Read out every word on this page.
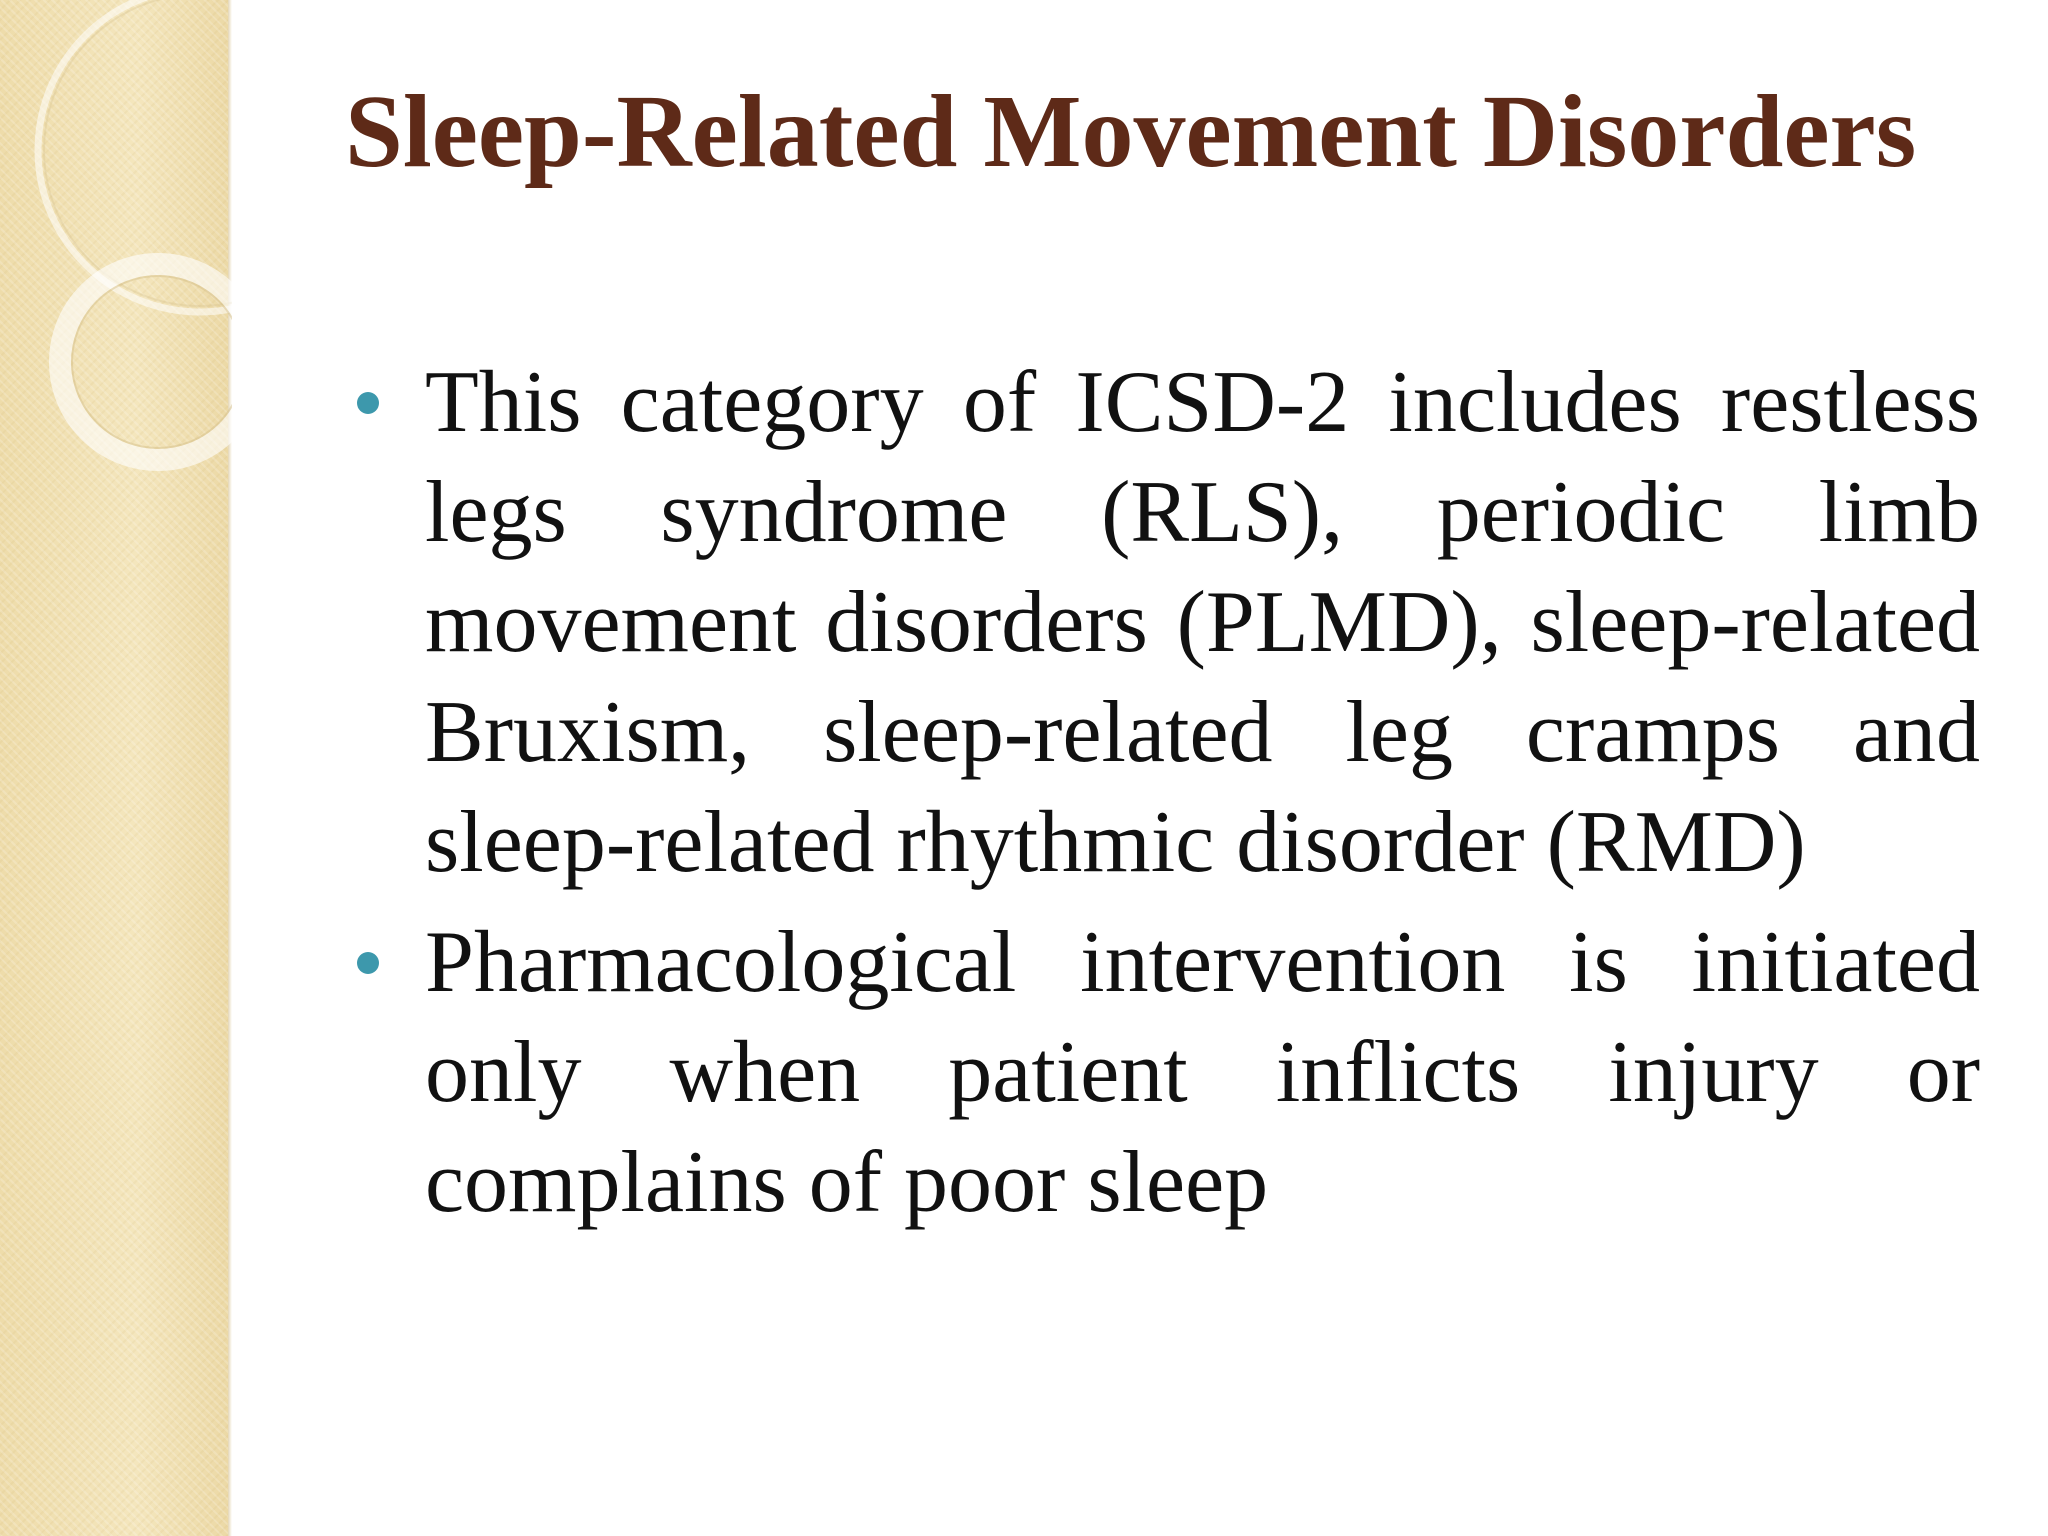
Sleep-Related Movement Disorders
This category of ICSD-2 includes restless legs syndrome (RLS), periodic limb movement disorders (PLMD), sleep-related Bruxism, sleep-related leg cramps and sleep-related rhythmic disorder (RMD)
Pharmacological intervention is initiated only when patient inflicts injury or complains of poor sleep
